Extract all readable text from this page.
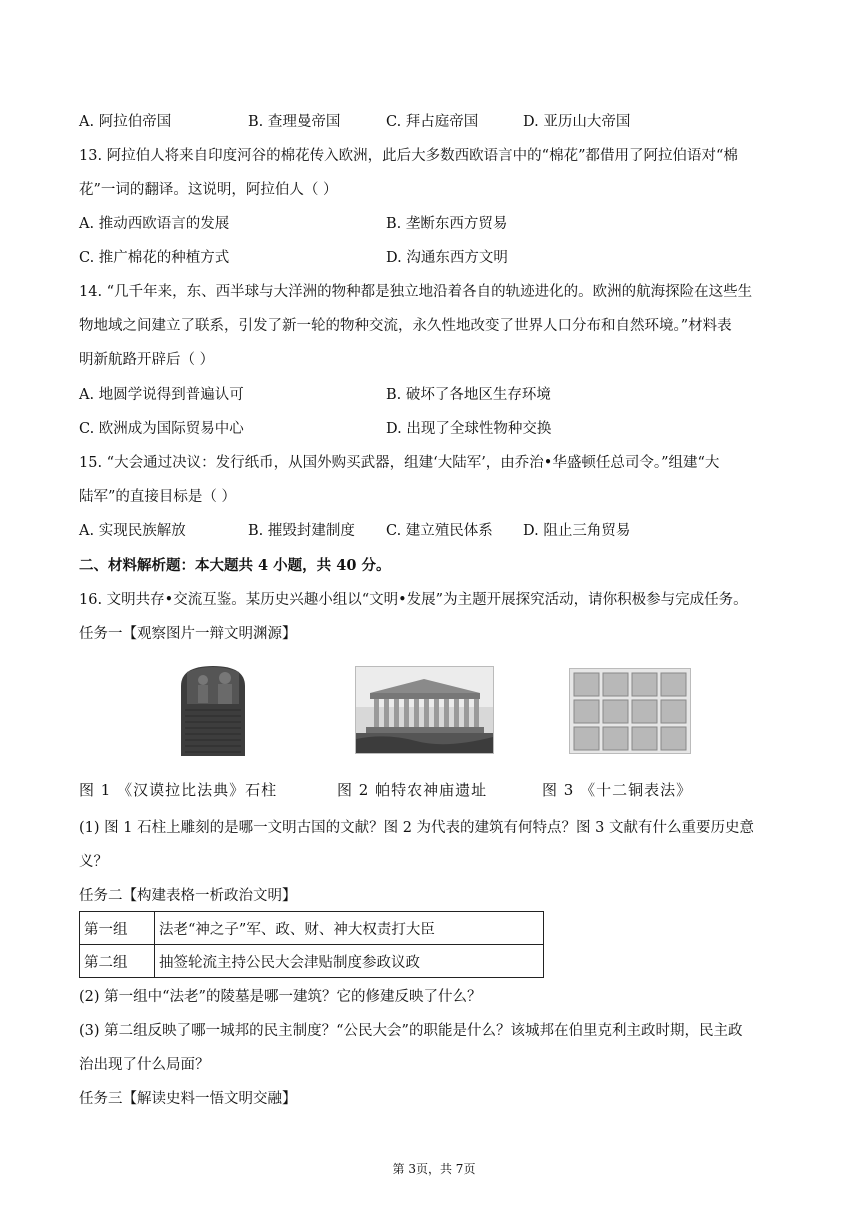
A. 阿拉伯帝国	B. 查理曼帝国	C. 拜占庭帝国	D. 亚历山大帝国
13. 阿拉伯人将来自印度河谷的棉花传入欧洲，此后大多数西欧语言中的“棉花”都借用了阿拉伯语对“棉
花”一词的翻译。这说明，阿拉伯人（ ）
A. 推动西欧语言的发展	B. 垄断东西方贸易
C. 推广棉花的种植方式	D. 沟通东西方文明
14. “几千年来，东、西半球与大洋洲的物种都是独立地沿着各自的轨迹进化的。欧洲的航海探险在这些生
物地域之间建立了联系，引发了新一轮的物种交流，永久性地改变了世界人口分布和自然环境。”材料表
明新航路开辟后（ ）
A. 地圆学说得到普遍认可	B. 破坏了各地区生存环境
C. 欧洲成为国际贸易中心	D. 出现了全球性物种交换
15. “大会通过决议：发行纸币，从国外购买武器，组建‘大陆军’，由乔治•华盛顿任总司令。”组建“大
陆军”的直接目标是（ ）
A. 实现民族解放	B. 摧毁封建制度 C. 建立殖民体系 D. 阻止三角贸易
二、材料解析题：本大题共 4 小题，共 40 分。
16. 文明共存•交流互鉴。某历史兴趣小组以“文明•发展”为主题开展探究活动，请你积极参与完成任务。
任务一【观察图片一辩文明渊源】
图 1 《汉谟拉比法典》石柱	图 2 帕特农神庙遗址	图 3 《十二铜表法》
(1) 图 1 石柱上雕刻的是哪一文明古国的文献？图 2 为代表的建筑有何特点？图 3 文献有什么重要历史意
义？
任务二【构建表格一析政治文明】
第一组	法老“神之子”军、政、财、神大权责打大臣
第二组	抽签轮流主持公民大会津贴制度参政议政
(2) 第一组中“法老”的陵墓是哪一建筑？它的修建反映了什么？
(3) 第二组反映了哪一城邦的民主制度？“公民大会”的职能是什么？该城邦在伯里克利主政时期，民主政
治出现了什么局面？
任务三【解读史料一悟文明交融】
第 3页，共 7页
